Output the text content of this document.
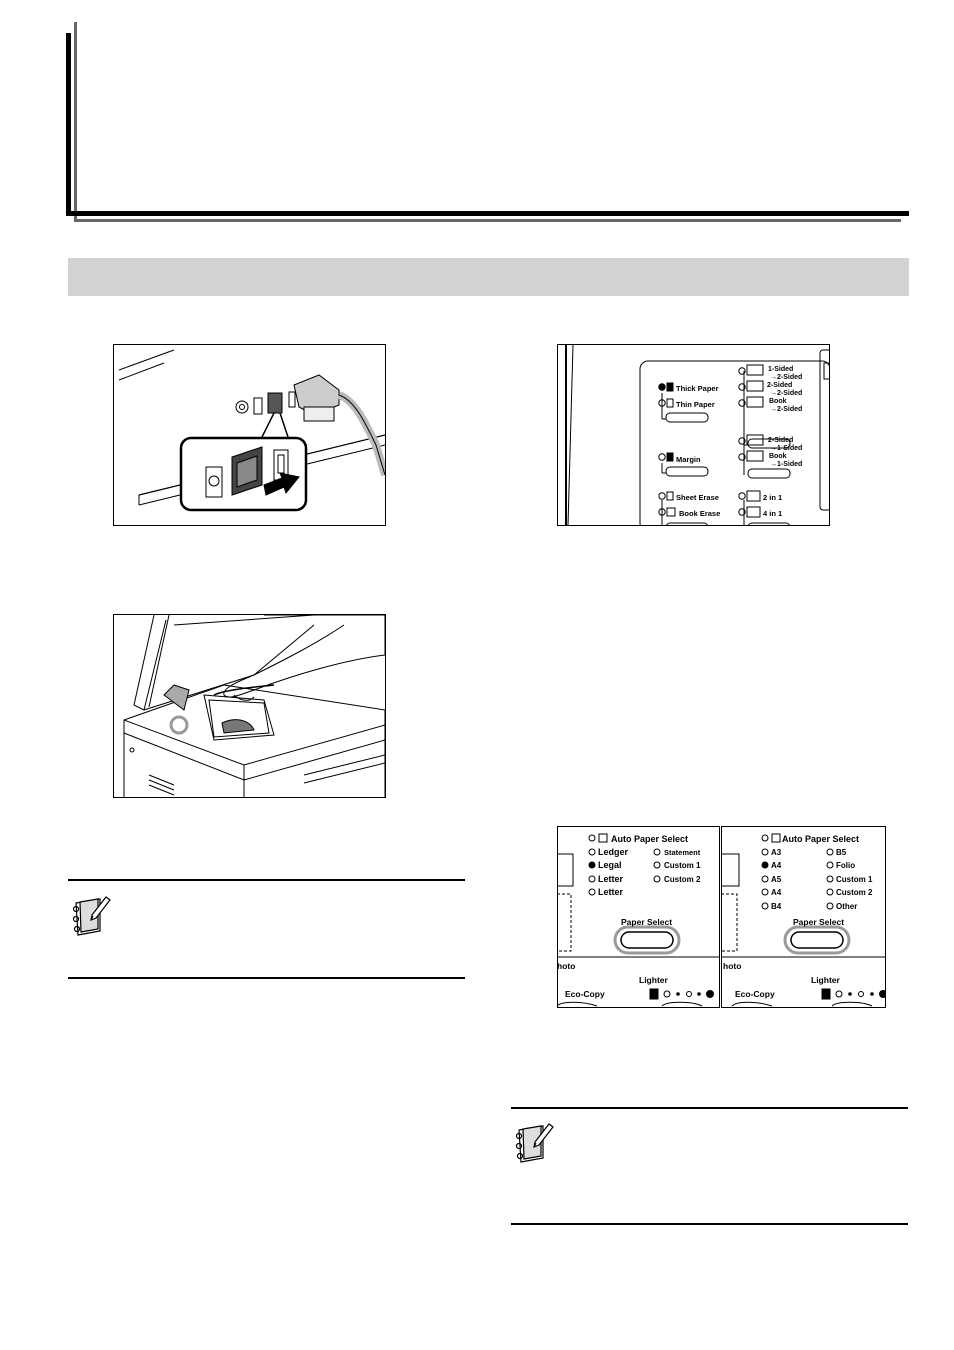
Thick Paper
Thin Paper
Margin
Sheet Erase
Book Erase
1-Sided
→2-Sided
2-Sided
→2-Sided
Book
→2-Sided
2-Sided
→1-Sided
Book
→1-Sided
2 in 1
4 in 1
Auto Paper Select
Ledger	Statement
Legal	Custom 1
Letter	Custom 2
Letter
Paper Select
hoto
Lighter
Eco-Copy
Auto Paper Select
A3	B5
A4	Folio
A5	Custom 1
A4	Custom 2
B4	Other
Paper Select
hoto
Lighter
Eco-Copy
